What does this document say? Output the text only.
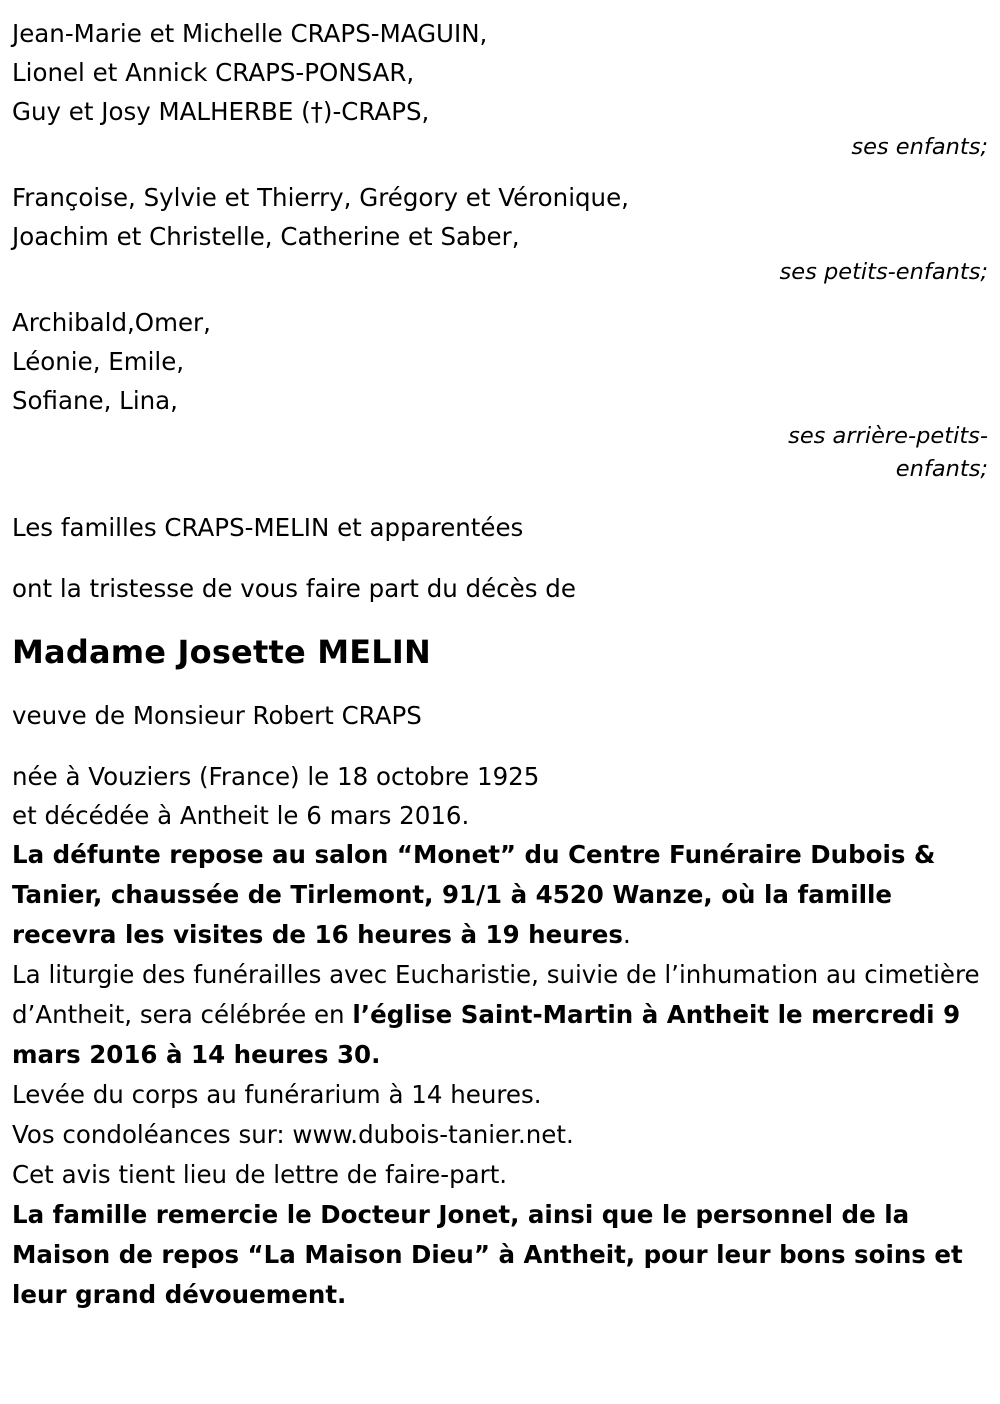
Jean-Marie et Michelle CRAPS-MAGUIN,
Lionel et Annick CRAPS-PONSAR,
Guy et Josy MALHERBE (†)-CRAPS,
ses enfants;
Françoise, Sylvie et Thierry, Grégory et Véronique,
Joachim et Christelle, Catherine et Saber,
ses petits-enfants;
Archibald,Omer,
Léonie, Emile,
Sofiane, Lina,
ses arrière-petits-
enfants;
Les familles CRAPS-MELIN et apparentées
ont la tristesse de vous faire part du décès de
Madame Josette MELIN
veuve de Monsieur Robert CRAPS
née à Vouziers (France) le 18 octobre 1925
et décédée à Antheit le 6 mars 2016.
La défunte repose au salon “Monet” du Centre Funéraire Dubois & Tanier, chaussée de Tirlemont, 91/1 à 4520 Wanze, où la famille recevra les visites de 16 heures à 19 heures.
La liturgie des funérailles avec Eucharistie, suivie de l’inhumation au cimetière d’Antheit, sera célébrée en l’église Saint-Martin à Antheit le mercredi 9 mars 2016 à 14 heures 30.
Levée du corps au funérarium à 14 heures.
Vos condoléances sur: www.dubois-tanier.net.
Cet avis tient lieu de lettre de faire-part.
La famille remercie le Docteur Jonet, ainsi que le personnel de la Maison de repos “La Maison Dieu” à Antheit, pour leur bons soins et leur grand dévouement.
